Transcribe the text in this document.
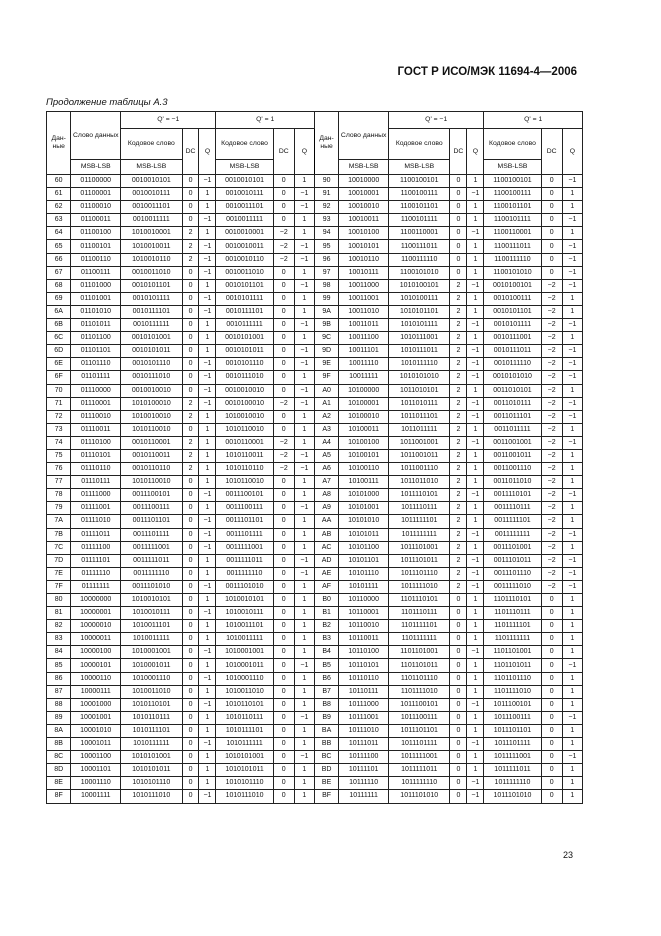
ГОСТ Р ИСО/МЭК 11694-4—2006
Продолжение таблицы А.3
Дан-ные	Слово данных	Q' = −1			Q' = 1			Дан-ные	Слово данных	Q' = −1			Q' = 1		
		Кодовое слово	DC	Q	Кодовое слово	DC	Q			Кодовое слово	DC	Q	Кодовое слово	DC	Q
	MSB-LSB	MSB-LSB			MSB-LSB				MSB-LSB	MSB-LSB			MSB-LSB		
60	01100000	0010010101	0	−1	0010010101	0	1	90	10010000	1100100101	0	1	1100100101	0	−1
61	01100001	0010010111	0	1	0010010111	0	−1	91	10010001	1100100111	0	−1	1100100111	0	1
62	01100010	0010011101	0	1	0010011101	0	−1	92	10010010	1100101101	0	1	1100101101	0	1
63	01100011	0010011111	0	−1	0010011111	0	1	93	10010011	1100101111	0	1	1100101111	0	−1
64	01100100	1010010001	2	1	0010010001	−2	1	94	10010100	1100110001	0	−1	1100110001	0	1
65	01100101	1010010011	2	−1	0010010011	−2	−1	95	10010101	1100111011	0	1	1100111011	0	−1
66	01100110	1010010110	2	−1	0010010110	−2	−1	96	10010110	1100111110	0	1	1100111110	0	−1
67	01100111	0010011010	0	−1	0010011010	0	1	97	10010111	1100101010	0	1	1100101010	0	−1
68	01101000	0010101101	0	1	0010101101	0	−1	98	10011000	1010100101	2	−1	0010100101	−2	−1
69	01101001	0010101111	0	−1	0010101111	0	1	99	10011001	1010100111	2	1	0010100111	−2	1
6A	01101010	0010111101	0	−1	0010111101	0	1	9A	10011010	1010101101	2	1	0010101101	−2	1
6B	01101011	0010111111	0	1	0010111111	0	−1	9B	10011011	1010101111	2	−1	0010101111	−2	−1
6C	01101100	0010101001	0	1	0010101001	0	1	9C	10011100	1010111001	2	1	0010111001	−2	1
6D	01101101	0010101011	0	1	0010101011	0	−1	9D	10011101	1010111011	2	−1	0010111011	−2	−1
6E	01101110	0010101110	0	−1	0010101110	0	−1	9E	10011110	1010111110	2	−1	0010111110	−2	−1
6F	01101111	0010111010	0	−1	0010111010	0	1	9F	10011111	1010101010	2	−1	0010101010	−2	−1
70	01110000	0010010010	0	−1	0010010010	0	−1	A0	10100000	1011010101	2	1	0011010101	−2	1
71	01110001	1010100010	2	−1	0010100010	−2	−1	A1	10100001	1011010111	2	−1	0011010111	−2	−1
72	01110010	1010010010	2	1	1010010010	0	1	A2	10100010	1011011101	2	−1	0011011101	−2	−1
73	01110011	1010110010	0	1	1010110010	0	1	A3	10100011	1011011111	2	1	0011011111	−2	1
74	01110100	0010110001	2	1	0010110001	−2	1	A4	10100100	1011001001	2	−1	0011001001	−2	−1
75	01110101	0010110011	2	1	1010110011	−2	−1	A5	10100101	1011001011	2	1	0011001011	−2	1
76	01110110	0010110110	2	1	1010110110	−2	−1	A6	10100110	1011001110	2	1	0011001110	−2	1
77	01110111	1010110010	0	1	1010110010	0	1	A7	10100111	1011011010	2	1	0011011010	−2	1
78	01111000	0011100101	0	−1	0011100101	0	1	A8	10101000	1011110101	2	−1	0011110101	−2	−1
79	01111001	0011100111	0	1	0011100111	0	−1	A9	10101001	1011110111	2	1	0011110111	−2	1
7A	01111010	0011101101	0	−1	0011101101	0	1	AA	10101010	1011111101	2	1	0011111101	−2	1
7B	01111011	0011101111	0	−1	0011101111	0	1	AB	10101011	1011111111	2	−1	0011111111	−2	−1
7C	01111100	0011111001	0	−1	0011111001	0	1	AC	10101100	1011101001	2	1	0011101001	−2	1
7D	01111101	0011111011	0	1	0011111011	0	−1	AD	10101101	1011101011	2	−1	0011101011	−2	−1
7E	01111110	0011111110	0	1	0011111110	0	−1	AE	10101110	1011101110	2	−1	0011101110	−2	−1
7F	01111111	0011101010	0	−1	0011101010	0	1	AF	10101111	1011111010	2	−1	0011111010	−2	−1
80	10000000	1010010101	0	1	1010010101	0	1	B0	10110000	1101110101	0	1	1101110101	0	1
81	10000001	1010010111	0	−1	1010010111	0	1	B1	10110001	1101110111	0	1	1101110111	0	1
82	10000010	1010011101	0	1	1010011101	0	1	B2	10110010	1101111101	0	1	1101111101	0	1
83	10000011	1010011111	0	1	1010011111	0	1	B3	10110011	1101111111	0	1	1101111111	0	1
84	10000100	1010001001	0	−1	1010001001	0	1	B4	10110100	1101101001	0	−1	1101101001	0	1
85	10000101	1010001011	0	1	1010001011	0	−1	B5	10110101	1101101011	0	1	1101101011	0	−1
86	10000110	1010001110	0	−1	1010001110	0	1	B6	10110110	1101101110	0	1	1101101110	0	1
87	10000111	1010011010	0	1	1010011010	0	1	B7	10110111	1101111010	0	1	1101111010	0	1
88	10001000	1010110101	0	−1	1010110101	0	1	B8	10111000	1011100101	0	−1	1011100101	0	1
89	10001001	1010110111	0	1	1010110111	0	−1	B9	10111001	1011100111	0	1	1011100111	0	−1
8A	10001010	1010111101	0	1	1010111101	0	1	BA	10111010	1011101101	0	1	1011101101	0	1
8B	10001011	1010111111	0	−1	1010111111	0	1	BB	10111011	1011101111	0	−1	1011101111	0	1
8C	10001100	1010101001	0	1	1010101001	0	−1	BC	10111100	1011111001	0	1	1011111001	0	−1
8D	10001101	1010101011	0	1	1010101011	0	1	BD	10111101	1011111011	0	1	1011111011	0	1
8E	10001110	1010101110	0	1	1010101110	0	1	BE	10111110	1011111110	0	−1	1011111110	0	1
8F	10001111	1010111010	0	−1	1010111010	0	1	BF	10111111	1011101010	0	−1	1011101010	0	1
23
